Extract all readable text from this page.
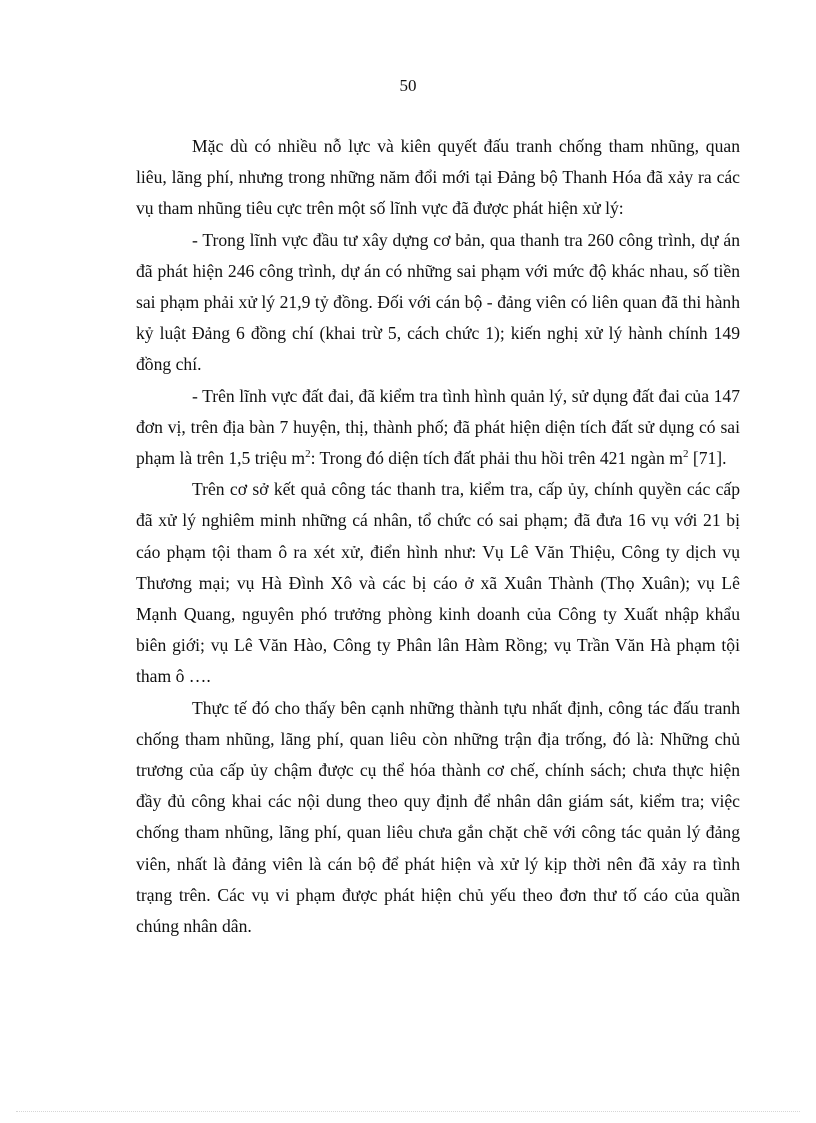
50

Mặc dù có nhiều nỗ lực và kiên quyết đấu tranh chống tham nhũng, quan liêu, lãng phí, nhưng trong những năm đổi mới tại Đảng bộ Thanh Hóa đã xảy ra các vụ tham nhũng tiêu cực trên một số lĩnh vực đã được phát hiện xử lý:

- Trong lĩnh vực đầu tư xây dựng cơ bản, qua thanh tra 260 công trình, dự án đã phát hiện 246 công trình, dự án có những sai phạm với mức độ khác nhau, số tiền sai phạm phải xử lý 21,9 tỷ đồng. Đối với cán bộ - đảng viên có liên quan đã thi hành kỷ luật Đảng 6 đồng chí (khai trừ 5, cách chức 1); kiến nghị xử lý hành chính 149 đồng chí.

- Trên lĩnh vực đất đai, đã kiểm tra tình hình quản lý, sử dụng đất đai của 147 đơn vị, trên địa bàn 7 huyện, thị, thành phố; đã phát hiện diện tích đất sử dụng có sai phạm là trên 1,5 triệu $m^2$: Trong đó diện tích đất phải thu hồi trên 421 ngàn $m^2$ [71].

Trên cơ sở kết quả công tác thanh tra, kiểm tra, cấp ủy, chính quyền các cấp đã xử lý nghiêm minh những cá nhân, tổ chức có sai phạm; đã đưa 16 vụ với 21 bị cáo phạm tội tham ô ra xét xử, điển hình như: Vụ Lê Văn Thiệu, Công ty dịch vụ Thương mại; vụ Hà Đình Xô và các bị cáo ở xã Xuân Thành (Thọ Xuân); vụ Lê Mạnh Quang, nguyên phó trưởng phòng kinh doanh của Công ty Xuất nhập khẩu biên giới; vụ Lê Văn Hào, Công ty Phân lân Hàm Rồng; vụ Trần Văn Hà phạm tội tham ô ….

Thực tế đó cho thấy bên cạnh những thành tựu nhất định, công tác đấu tranh chống tham nhũng, lãng phí, quan liêu còn những trận địa trống, đó là: Những chủ trương của cấp ủy chậm được cụ thể hóa thành cơ chế, chính sách; chưa thực hiện đầy đủ công khai các nội dung theo quy định để nhân dân giám sát, kiểm tra; việc chống tham nhũng, lãng phí, quan liêu chưa gắn chặt chẽ với công tác quản lý đảng viên, nhất là đảng viên là cán bộ để phát hiện và xử lý kịp thời nên đã xảy ra tình trạng trên. Các vụ vi phạm được phát hiện chủ yếu theo đơn thư tố cáo của quần chúng nhân dân.
